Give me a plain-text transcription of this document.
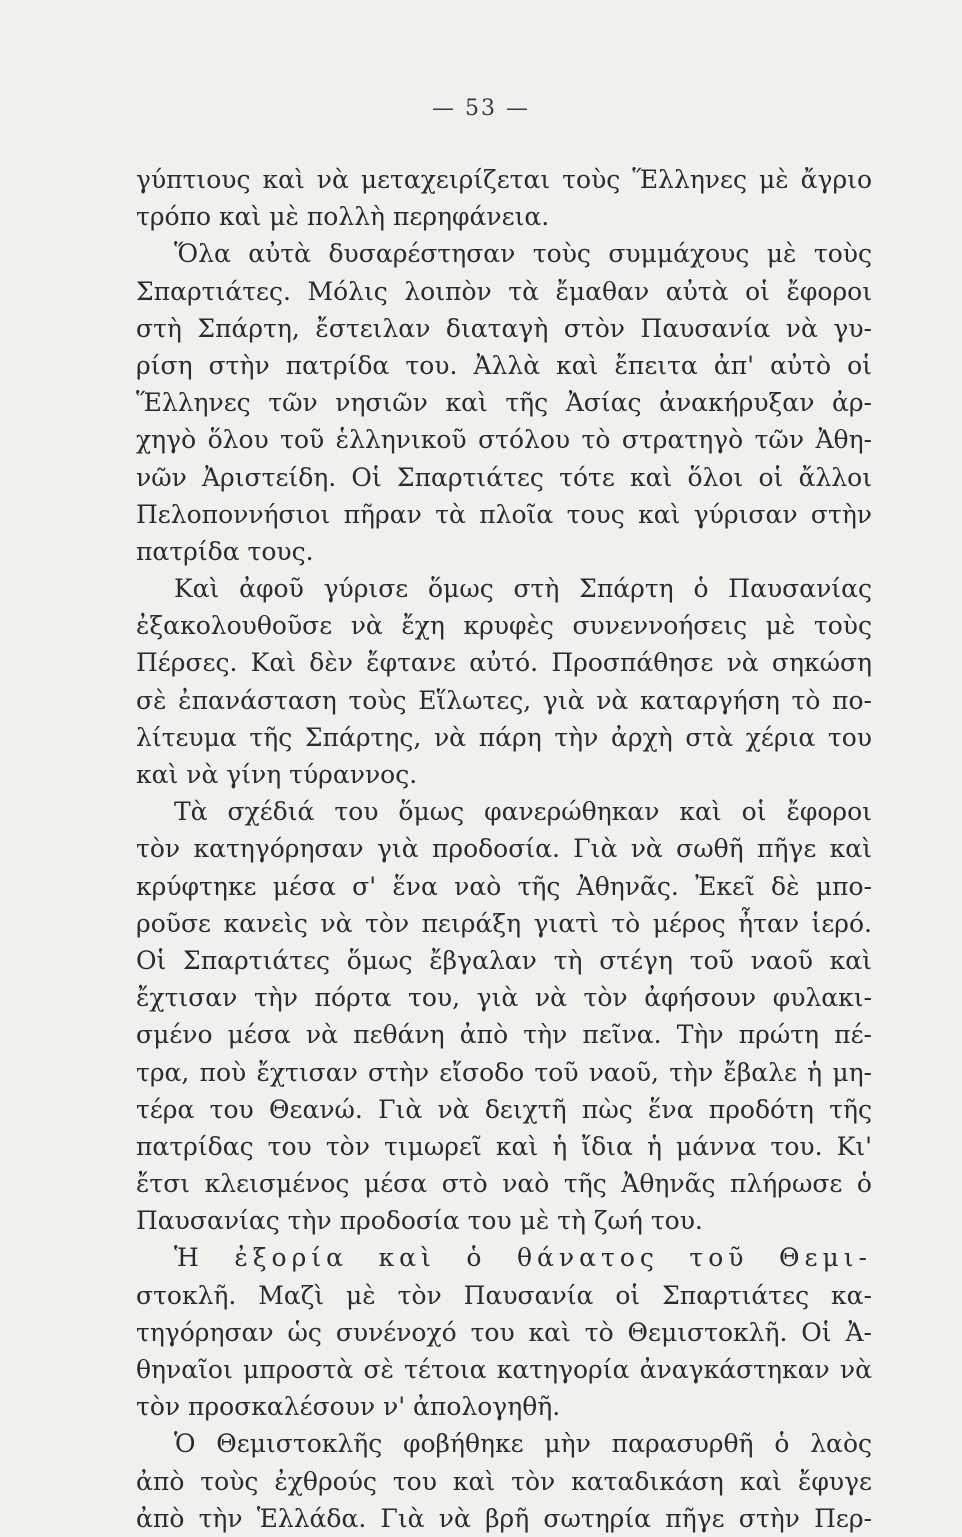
— 53 —
γύπτιους καὶ νὰ μεταχειρίζεται τοὺς Ἕλληνες μὲ ἄγριο
τρόπο καὶ μὲ πολλὴ περηφάνεια.
Ὅλα αὐτὰ δυσαρέστησαν τοὺς συμμάχους μὲ τοὺς
Σπαρτιάτες. Μόλις λοιπὸν τὰ ἔμαθαν αὐτὰ οἱ ἔφοροι
στὴ Σπάρτη, ἔστειλαν διαταγὴ στὸν Παυσανία νὰ γυ-
ρίση στὴν πατρίδα του. Ἀλλὰ καὶ ἔπειτα ἀπ' αὐτὸ οἱ
Ἕλληνες τῶν νησιῶν καὶ τῆς Ἀσίας ἀνακήρυξαν ἀρ-
χηγὸ ὅλου τοῦ ἑλληνικοῦ στόλου τὸ στρατηγὸ τῶν Ἀθη-
νῶν Ἀριστείδη. Οἱ Σπαρτιάτες τότε καὶ ὅλοι οἱ ἄλλοι
Πελοποννήσιοι πῆραν τὰ πλοῖα τους καὶ γύρισαν στὴν
πατρίδα τους.
Καὶ ἀφοῦ γύρισε ὅμως στὴ Σπάρτη ὁ Παυσανίας
ἐξακολουθοῦσε νὰ ἔχη κρυφὲς συνεννοήσεις μὲ τοὺς
Πέρσες. Καὶ δὲν ἔφτανε αὐτό. Προσπάθησε νὰ σηκώση
σὲ ἐπανάσταση τοὺς Εἵλωτες, γιὰ νὰ καταργήση τὸ πο-
λίτευμα τῆς Σπάρτης, νὰ πάρη τὴν ἀρχὴ στὰ χέρια του
καὶ νὰ γίνη τύραννος.
Τὰ σχέδιά του ὅμως φανερώθηκαν καὶ οἱ ἔφοροι
τὸν κατηγόρησαν γιὰ προδοσία. Γιὰ νὰ σωθῆ πῆγε καὶ
κρύφτηκε μέσα σ' ἕνα ναὸ τῆς Ἀθηνᾶς. Ἐκεῖ δὲ μπο-
ροῦσε κανεὶς νὰ τὸν πειράξη γιατὶ τὸ μέρος ἦταν ἱερό.
Οἱ Σπαρτιάτες ὅμως ἔβγαλαν τὴ στέγη τοῦ ναοῦ καὶ
ἔχτισαν τὴν πόρτα του, γιὰ νὰ τὸν ἀφήσουν φυλακι-
σμένο μέσα νὰ πεθάνη ἀπὸ τὴν πεῖνα. Τὴν πρώτη πέ-
τρα, ποὺ ἔχτισαν στὴν εἴσοδο τοῦ ναοῦ, τὴν ἔβαλε ἡ μη-
τέρα του Θεανώ. Γιὰ νὰ δειχτῆ πὼς ἕνα προδότη τῆς
πατρίδας του τὸν τιμωρεῖ καὶ ἡ ἴδια ἡ μάννα του. Κι'
ἔτσι κλεισμένος μέσα στὸ ναὸ τῆς Ἀθηνᾶς πλήρωσε ὁ
Παυσανίας τὴν προδοσία του μὲ τὴ ζωή του.
Ἡ ἐξορία καὶ ὁ θάνατος τοῦ Θεμι-
στοκλῆ. Μαζὶ μὲ τὸν Παυσανία οἱ Σπαρτιάτες κα-
τηγόρησαν ὡς συνένοχό του καὶ τὸ Θεμιστοκλῆ. Οἱ Ἀ-
θηναῖοι μπροστὰ σὲ τέτοια κατηγορία ἀναγκάστηκαν νὰ
τὸν προσκαλέσουν ν' ἀπολογηθῆ.
Ὁ Θεμιστοκλῆς φοβήθηκε μὴν παρασυρθῆ ὁ λαὸς
ἀπὸ τοὺς ἐχθρούς του καὶ τὸν καταδικάση καὶ ἔφυγε
ἀπὸ τὴν Ἑλλάδα. Γιὰ νὰ βρῆ σωτηρία πῆγε στὴν Περ-
